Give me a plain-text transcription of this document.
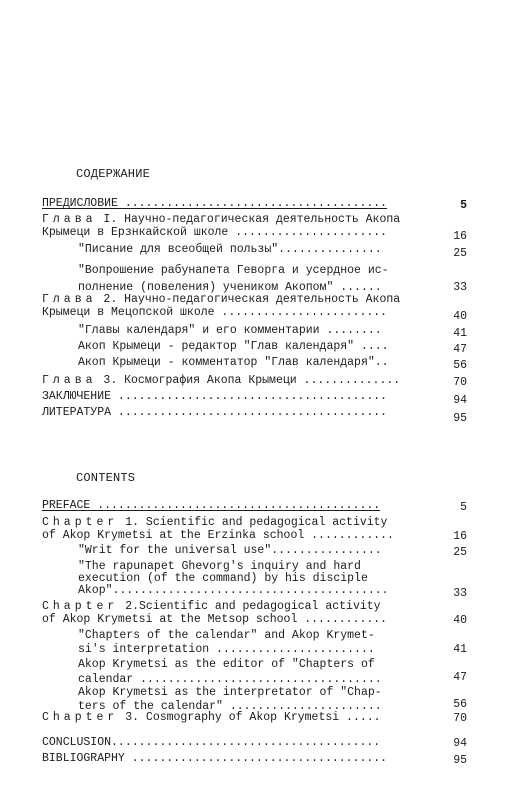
СОДЕРЖАНИЕ
ПРЕДИСЛОВИЕ ......................................	5
Глава I. Научно-педагогическая деятельность Акопа
Крымеци в Ерзнкайской школе ......................	16
"Писание для всеобщей пользы"...............	25
"Вопрошение рабунапета Геворга и усердное ис-
полнение (повеления) учеником Акопом" ......	33
Глава 2. Научно-педагогическая деятельность Акопа
Крымеци в Мецопской школе ........................	40
"Главы календаря" и его комментарии ........	41
Акоп Крымеци - редактор "Глав календаря" ....	47
Акоп Крымеци - комментатор "Глав календаря"..	56
Глава 3. Космография Акопа Крымеци ..............	70
ЗАКЛЮЧЕНИЕ .......................................	94
ЛИТЕРАТУРА .......................................	95
CONTENTS
PREFACE .........................................	5
Chapter 1. Scientific and pedagogical activity
of Akop Krymetsi at the Erzinka school ............	16
"Writ for the universal use"................	25
"The rapunapet Ghevorg's inquiry and hard
execution (of the command) by his disciple
Akop"........................................	33
Chapter 2.Scientific and pedagogical activity
of Akop Krymetsi at the Metsop school ............	40
"Chapters of the calendar" and Akop Krymet-
si's interpretation .......................	41
Akop Krymetsi as the editor of "Chapters of
calendar ...................................	47
Akop Krymetsi as the interpretator of "Chap-
ters of the calendar" ......................	56
Chapter 3. Cosmography of Akop Krymetsi .....	70
CONCLUSION.......................................	94
BIBLIOGRAPHY .....................................	95
